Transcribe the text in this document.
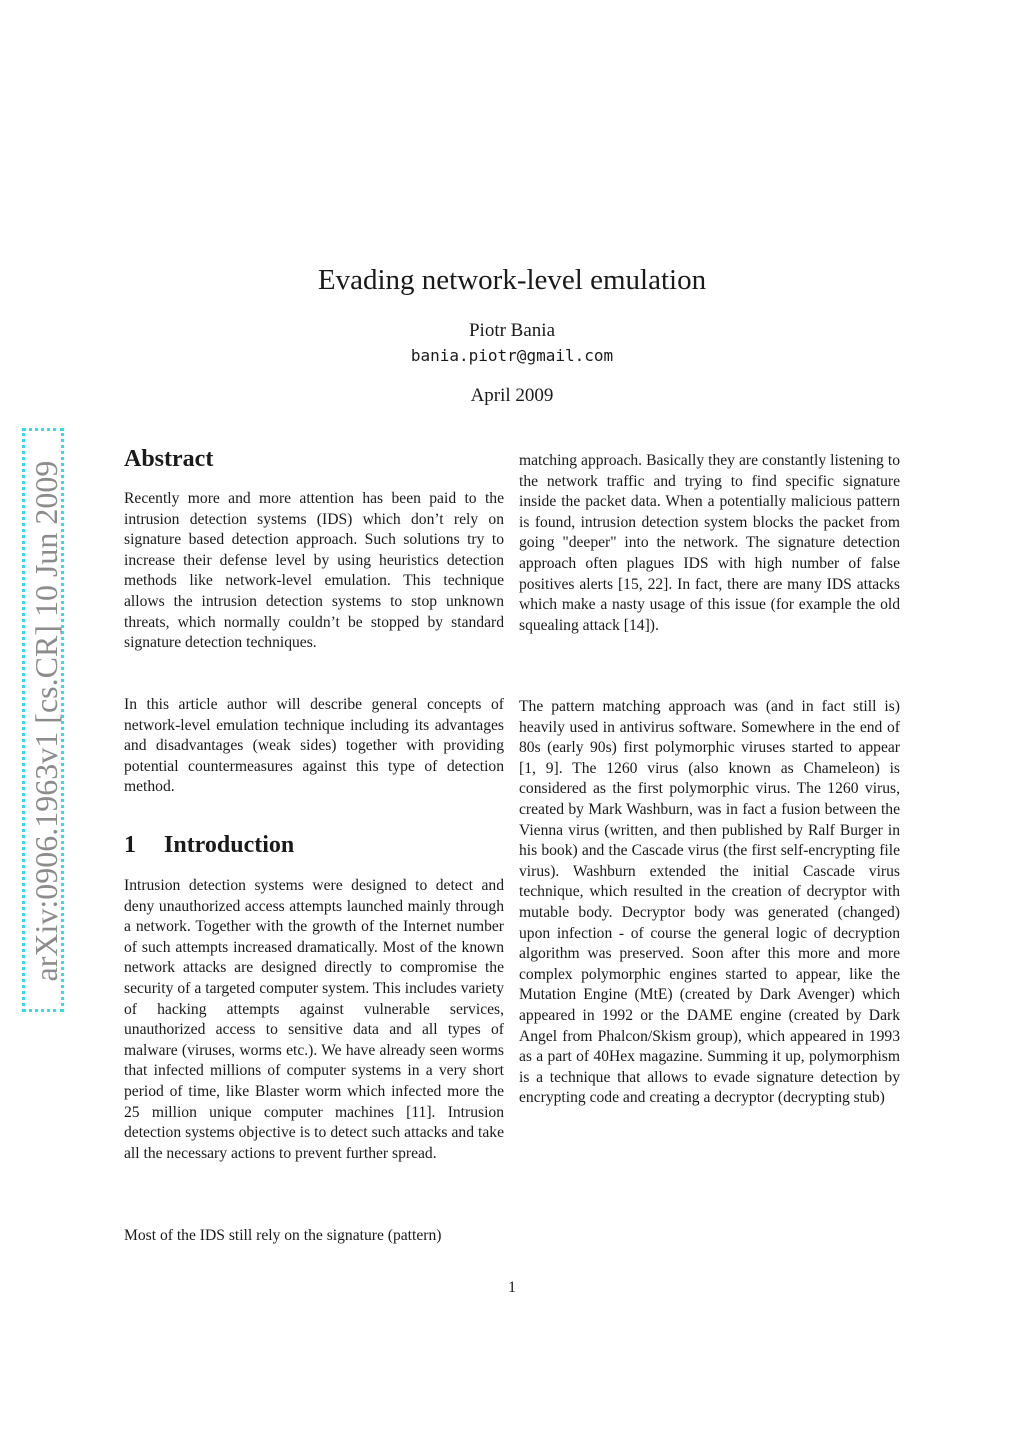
Evading network-level emulation
Piotr Bania
bania.piotr@gmail.com
April 2009
arXiv:0906.1963v1 [cs.CR] 10 Jun 2009
Abstract
Recently more and more attention has been paid to the intrusion detection systems (IDS) which don’t rely on signature based detection approach. Such solutions try to increase their defense level by using heuristics detection methods like network-level emulation. This technique allows the intrusion detection systems to stop unknown threats, which normally couldn’t be stopped by standard signature detection techniques.
In this article author will describe general concepts of network-level emulation technique including its advantages and disadvantages (weak sides) together with providing potential countermeasures against this type of detection method.
1 Introduction
Intrusion detection systems were designed to detect and deny unauthorized access attempts launched mainly through a network. Together with the growth of the Internet number of such attempts increased dramatically. Most of the known network attacks are designed directly to compromise the security of a targeted computer system. This includes variety of hacking attempts against vulnerable services, unauthorized access to sensitive data and all types of malware (viruses, worms etc.). We have already seen worms that infected millions of computer systems in a very short period of time, like Blaster worm which infected more the 25 million unique computer machines [11]. Intrusion detection systems objective is to detect such attacks and take all the necessary actions to prevent further spread.
Most of the IDS still rely on the signature (pattern)
matching approach. Basically they are constantly listening to the network traffic and trying to find specific signature inside the packet data. When a potentially malicious pattern is found, intrusion detection system blocks the packet from going "deeper" into the network. The signature detection approach often plagues IDS with high number of false positives alerts [15, 22]. In fact, there are many IDS attacks which make a nasty usage of this issue (for example the old squealing attack [14]).
The pattern matching approach was (and in fact still is) heavily used in antivirus software. Somewhere in the end of 80s (early 90s) first polymorphic viruses started to appear [1, 9]. The 1260 virus (also known as Chameleon) is considered as the first polymorphic virus. The 1260 virus, created by Mark Washburn, was in fact a fusion between the Vienna virus (written, and then published by Ralf Burger in his book) and the Cascade virus (the first self-encrypting file virus). Washburn extended the initial Cascade virus technique, which resulted in the creation of decryptor with mutable body. Decryptor body was generated (changed) upon infection - of course the general logic of decryption algorithm was preserved. Soon after this more and more complex polymorphic engines started to appear, like the Mutation Engine (MtE) (created by Dark Avenger) which appeared in 1992 or the DAME engine (created by Dark Angel from Phalcon/Skism group), which appeared in 1993 as a part of 40Hex magazine. Summing it up, polymorphism is a technique that allows to evade signature detection by encrypting code and creating a decryptor (decrypting stub)
1
